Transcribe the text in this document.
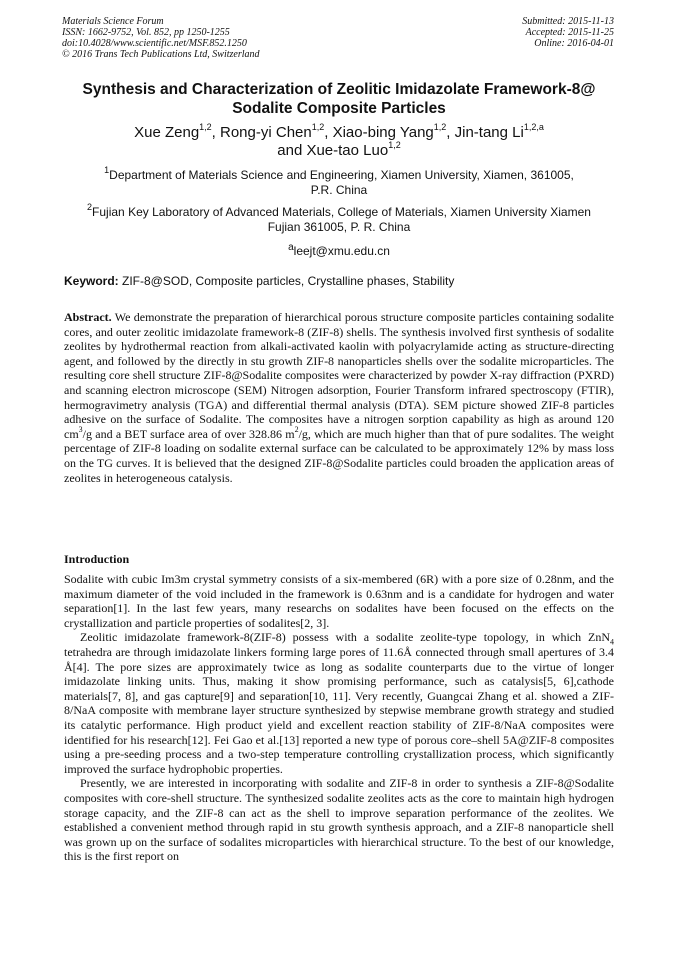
Materials Science Forum
ISSN: 1662-9752, Vol. 852, pp 1250-1255
doi:10.4028/www.scientific.net/MSF.852.1250
© 2016 Trans Tech Publications Ltd, Switzerland
Submitted: 2015-11-13
Accepted: 2015-11-25
Online: 2016-04-01
Synthesis and Characterization of Zeolitic Imidazolate Framework-8@
Sodalite Composite Particles
Xue Zeng$^{1,2}$, Rong-yi Chen$^{1,2}$, Xiao-bing Yang$^{1,2}$, Jin-tang Li$^{1,2,a}$
and Xue-tao Luo$^{1,2}$
$^1$Department of Materials Science and Engineering, Xiamen University, Xiamen, 361005,
P.R. China
$^2$Fujian Key Laboratory of Advanced Materials, College of Materials, Xiamen University Xiamen
Fujian 361005, P. R. China
$^a$leejt@xmu.edu.cn
Keyword: ZIF-8@SOD, Composite particles, Crystalline phases, Stability
Abstract. We demonstrate the preparation of hierarchical porous structure composite particles containing sodalite cores, and outer zeolitic imidazolate framework-8 (ZIF-8) shells. The synthesis involved first synthesis of sodalite zeolites by hydrothermal reaction from alkali-activated kaolin with polyacrylamide acting as structure-directing agent, and followed by the directly in stu growth ZIF-8 nanoparticles shells over the sodalite microparticles. The resulting core shell structure ZIF-8@Sodalite composites were characterized by powder X-ray diffraction (PXRD) and scanning electron microscope (SEM) Nitrogen adsorption, Fourier Transform infrared spectroscopy (FTIR), hermogravimetry analysis (TGA) and differential thermal analysis (DTA). SEM picture showed ZIF-8 particles adhesive on the surface of Sodalite. The composites have a nitrogen sorption capability as high as around 120 $cm^3/g$ and a BET surface area of over 328.86 $m^2/g$, which are much higher than that of pure sodalites. The weight percentage of ZIF-8 loading on sodalite external surface can be calculated to be approximately 12% by mass loss on the TG curves. It is believed that the designed ZIF-8@Sodalite particles could broaden the application areas of zeolites in heterogeneous catalysis.
Introduction

Sodalite with cubic Im3m crystal symmetry consists of a six-membered (6R) with a pore size of 0.28nm, and the maximum diameter of the void included in the framework is 0.63nm and is a candidate for hydrogen and water separation[1]. In the last few years, many researchs on sodalites have been focused on the effects on the crystallization and particle properties of sodalites[2, 3].

Zeolitic imidazolate framework-8(ZIF-8) possess with a sodalite zeolite-type topology, in which ZnN$_4$ tetrahedra are through imidazolate linkers forming large pores of 11.6Å connected through small apertures of 3.4 Å[4]. The pore sizes are approximately twice as long as sodalite counterparts due to the virtue of longer imidazolate linking units. Thus, making it show promising performance, such as catalysis[5, 6],cathode materials[7, 8], and gas capture[9] and separation[10, 11]. Very recently, Guangcai Zhang et al. showed a ZIF-8/NaA composite with membrane layer structure synthesized by stepwise membrane growth strategy and studied its catalytic performance. High product yield and excellent reaction stability of ZIF-8/NaA composites were identified for his research[12]. Fei Gao et al.[13] reported a new type of porous core–shell 5A@ZIF-8 composites using a pre-seeding process and a two-step temperature controlling crystallization process, which significantly improved the surface hydrophobic properties.

Presently, we are interested in incorporating with sodalite and ZIF-8 in order to synthesis a ZIF-8@Sodalite composites with core-shell structure. The synthesized sodalite zeolites acts as the core to maintain high hydrogen storage capacity, and the ZIF-8 can act as the shell to improve separation performance of the zeolites. We established a convenient method through rapid in stu growth synthesis approach, and a ZIF-8 nanoparticle shell was grown up on the surface of sodalites microparticles with hierarchical structure. To the best of our knowledge, this is the first report on
